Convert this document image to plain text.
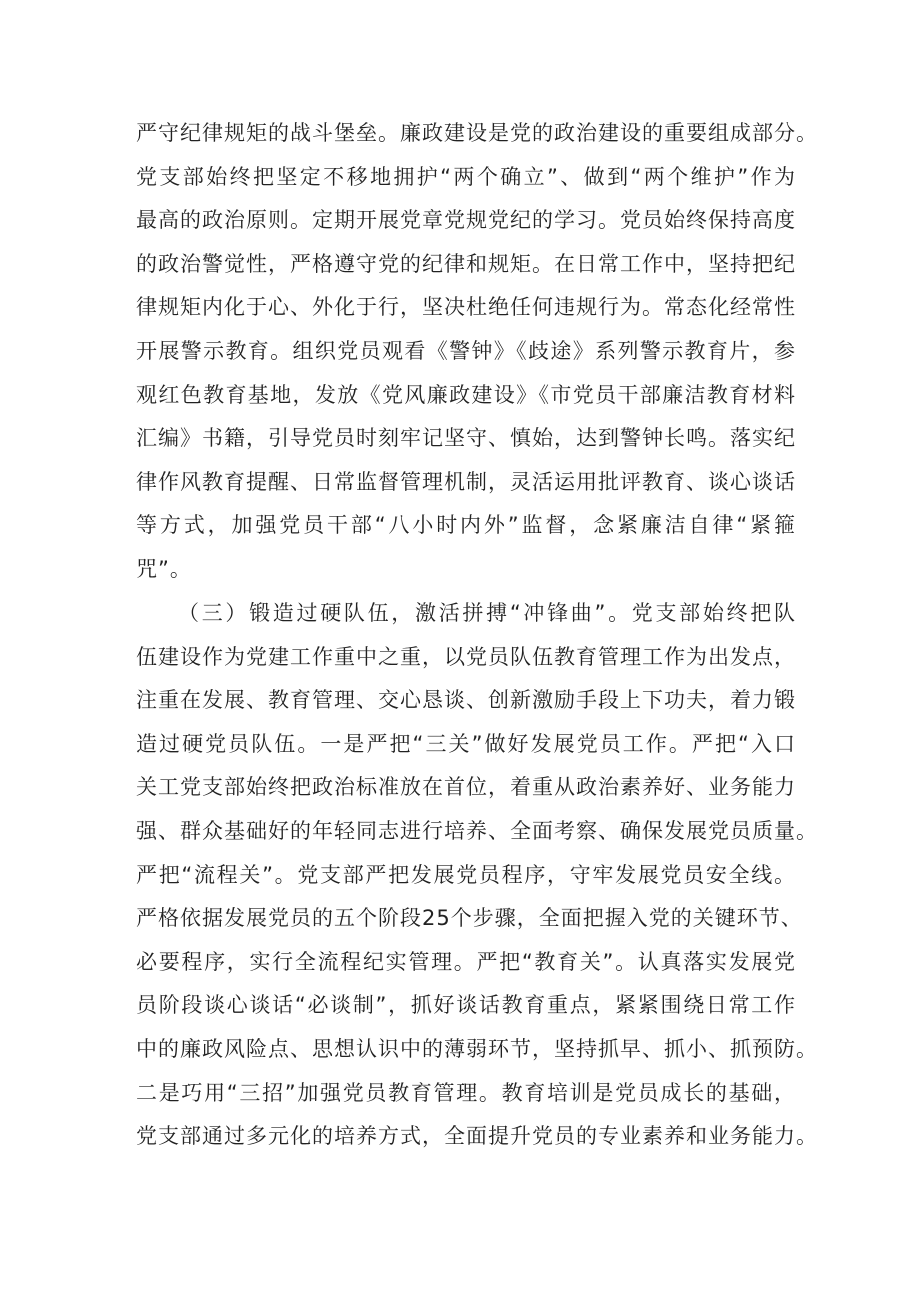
严守纪律规矩的战斗堡垒。廉政建设是党的政治建设的重要组成部分。
党支部始终把坚定不移地拥护“两个确立”、做到“两个维护”作为
最高的政治原则。定期开展党章党规党纪的学习。党员始终保持高度
的政治警觉性，严格遵守党的纪律和规矩。在日常工作中，坚持把纪
律规矩内化于心、外化于行，坚决杜绝任何违规行为。常态化经常性
开展警示教育。组织党员观看《警钟》《歧途》系列警示教育片，参
观红色教育基地，发放《党风廉政建设》《市党员干部廉洁教育材料
汇编》书籍，引导党员时刻牢记坚守、慎始，达到警钟长鸣。落实纪
律作风教育提醒、日常监督管理机制，灵活运用批评教育、谈心谈话
等方式，加强党员干部“八小时内外”监督，念紧廉洁自律“紧箍
咒”。
（三）锻造过硬队伍，激活拼搏“冲锋曲”。党支部始终把队
伍建设作为党建工作重中之重，以党员队伍教育管理工作为出发点，
注重在发展、教育管理、交心恳谈、创新激励手段上下功夫，着力锻
造过硬党员队伍。一是严把“三关”做好发展党员工作。严把“入口
关工党支部始终把政治标准放在首位，着重从政治素养好、业务能力
强、群众基础好的年轻同志进行培养、全面考察、确保发展党员质量。
严把“流程关”。党支部严把发展党员程序，守牢发展党员安全线。
严格依据发展党员的五个阶段25个步骤，全面把握入党的关键环节、
必要程序，实行全流程纪实管理。严把“教育关”。认真落实发展党
员阶段谈心谈话“必谈制”，抓好谈话教育重点，紧紧围绕日常工作
中的廉政风险点、思想认识中的薄弱环节，坚持抓早、抓小、抓预防。
二是巧用“三招”加强党员教育管理。教育培训是党员成长的基础，
党支部通过多元化的培养方式，全面提升党员的专业素养和业务能力。
